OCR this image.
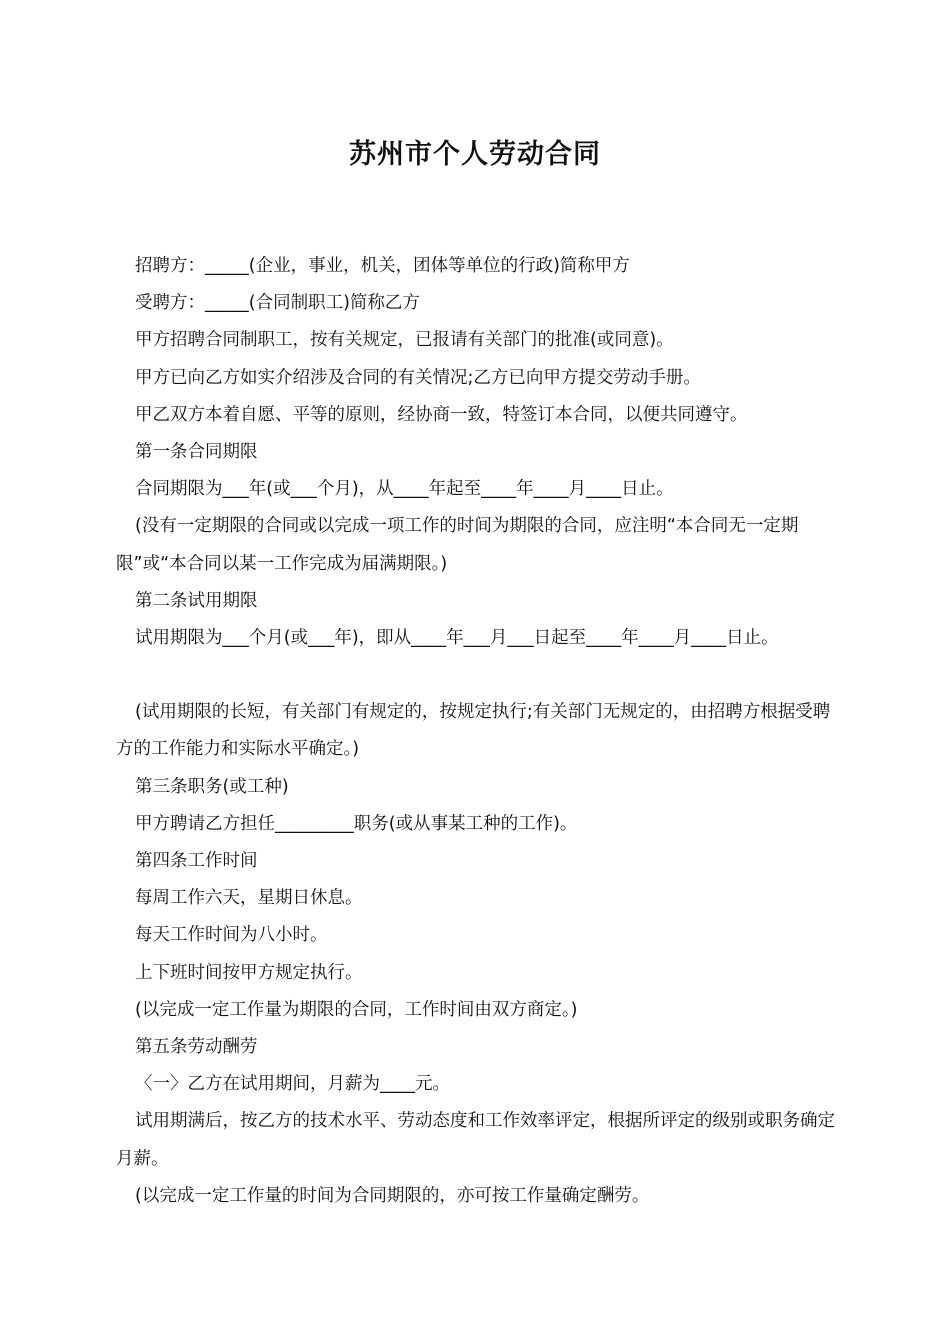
苏州市个人劳动合同

招聘方：_____(企业，事业，机关，团体等单位的行政)简称甲方

受聘方：_____(合同制职工)简称乙方

甲方招聘合同制职工，按有关规定，已报请有关部门的批准(或同意)。

甲方已向乙方如实介绍涉及合同的有关情况;乙方已向甲方提交劳动手册。

甲乙双方本着自愿、平等的原则，经协商一致，特签订本合同，以便共同遵守。

第一条合同期限

合同期限为___年(或___个月)，从____年起至____年____月____日止。

(没有一定期限的合同或以完成一项工作的时间为期限的合同，应注明“本合同无一定期限”或“本合同以某一工作完成为届满期限。)

第二条试用期限

试用期限为___个月(或___年)，即从____年___月___日起至____年____月____日止。

(试用期限的长短，有关部门有规定的，按规定执行;有关部门无规定的，由招聘方根据受聘方的工作能力和实际水平确定。)

第三条职务(或工种)

甲方聘请乙方担任_________职务(或从事某工种的工作)。

第四条工作时间

每周工作六天，星期日休息。

每天工作时间为八小时。

上下班时间按甲方规定执行。

(以完成一定工作量为期限的合同，工作时间由双方商定。)

第五条劳动酬劳

〈一〉乙方在试用期间，月薪为____元。

试用期满后，按乙方的技术水平、劳动态度和工作效率评定，根据所评定的级别或职务确定月薪。

(以完成一定工作量的时间为合同期限的，亦可按工作量确定酬劳。
